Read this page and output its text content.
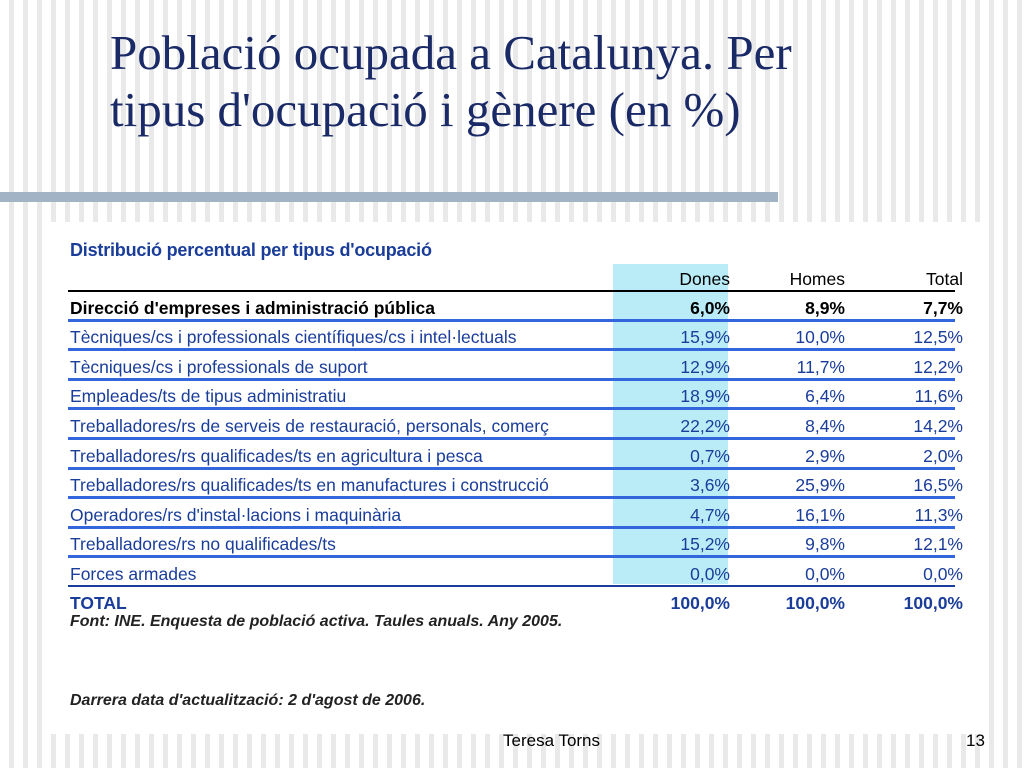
Població ocupada a Catalunya. Per
tipus d'ocupació i gènere (en %)
Distribució percentual per tipus d'ocupació
Dones	Homes	Total
Direcció d'empreses i administració pública	6,0%	8,9%	7,7%
Tècniques/cs i professionals científiques/cs i intel·lectuals	15,9%	10,0%	12,5%
Tècniques/cs i professionals de suport	12,9%	11,7%	12,2%
Empleades/ts de tipus administratiu	18,9%	6,4%	11,6%
Treballadores/rs de serveis de restauració, personals, comerç	22,2%	8,4%	14,2%
Treballadores/rs qualificades/ts en agricultura i pesca	0,7%	2,9%	2,0%
Treballadores/rs qualificades/ts en manufactures i construcció	3,6%	25,9%	16,5%
Operadores/rs d'instal·lacions i maquinària	4,7%	16,1%	11,3%
Treballadores/rs no qualificades/ts	15,2%	9,8%	12,1%
Forces armades	0,0%	0,0%	0,0%
TOTAL	100,0%	100,0%	100,0%

Font: INE. Enquesta de població activa. Taules anuals. Any 2005.

Darrera data d'actualització: 2 d'agost de 2006.

Teresa Torns	13
